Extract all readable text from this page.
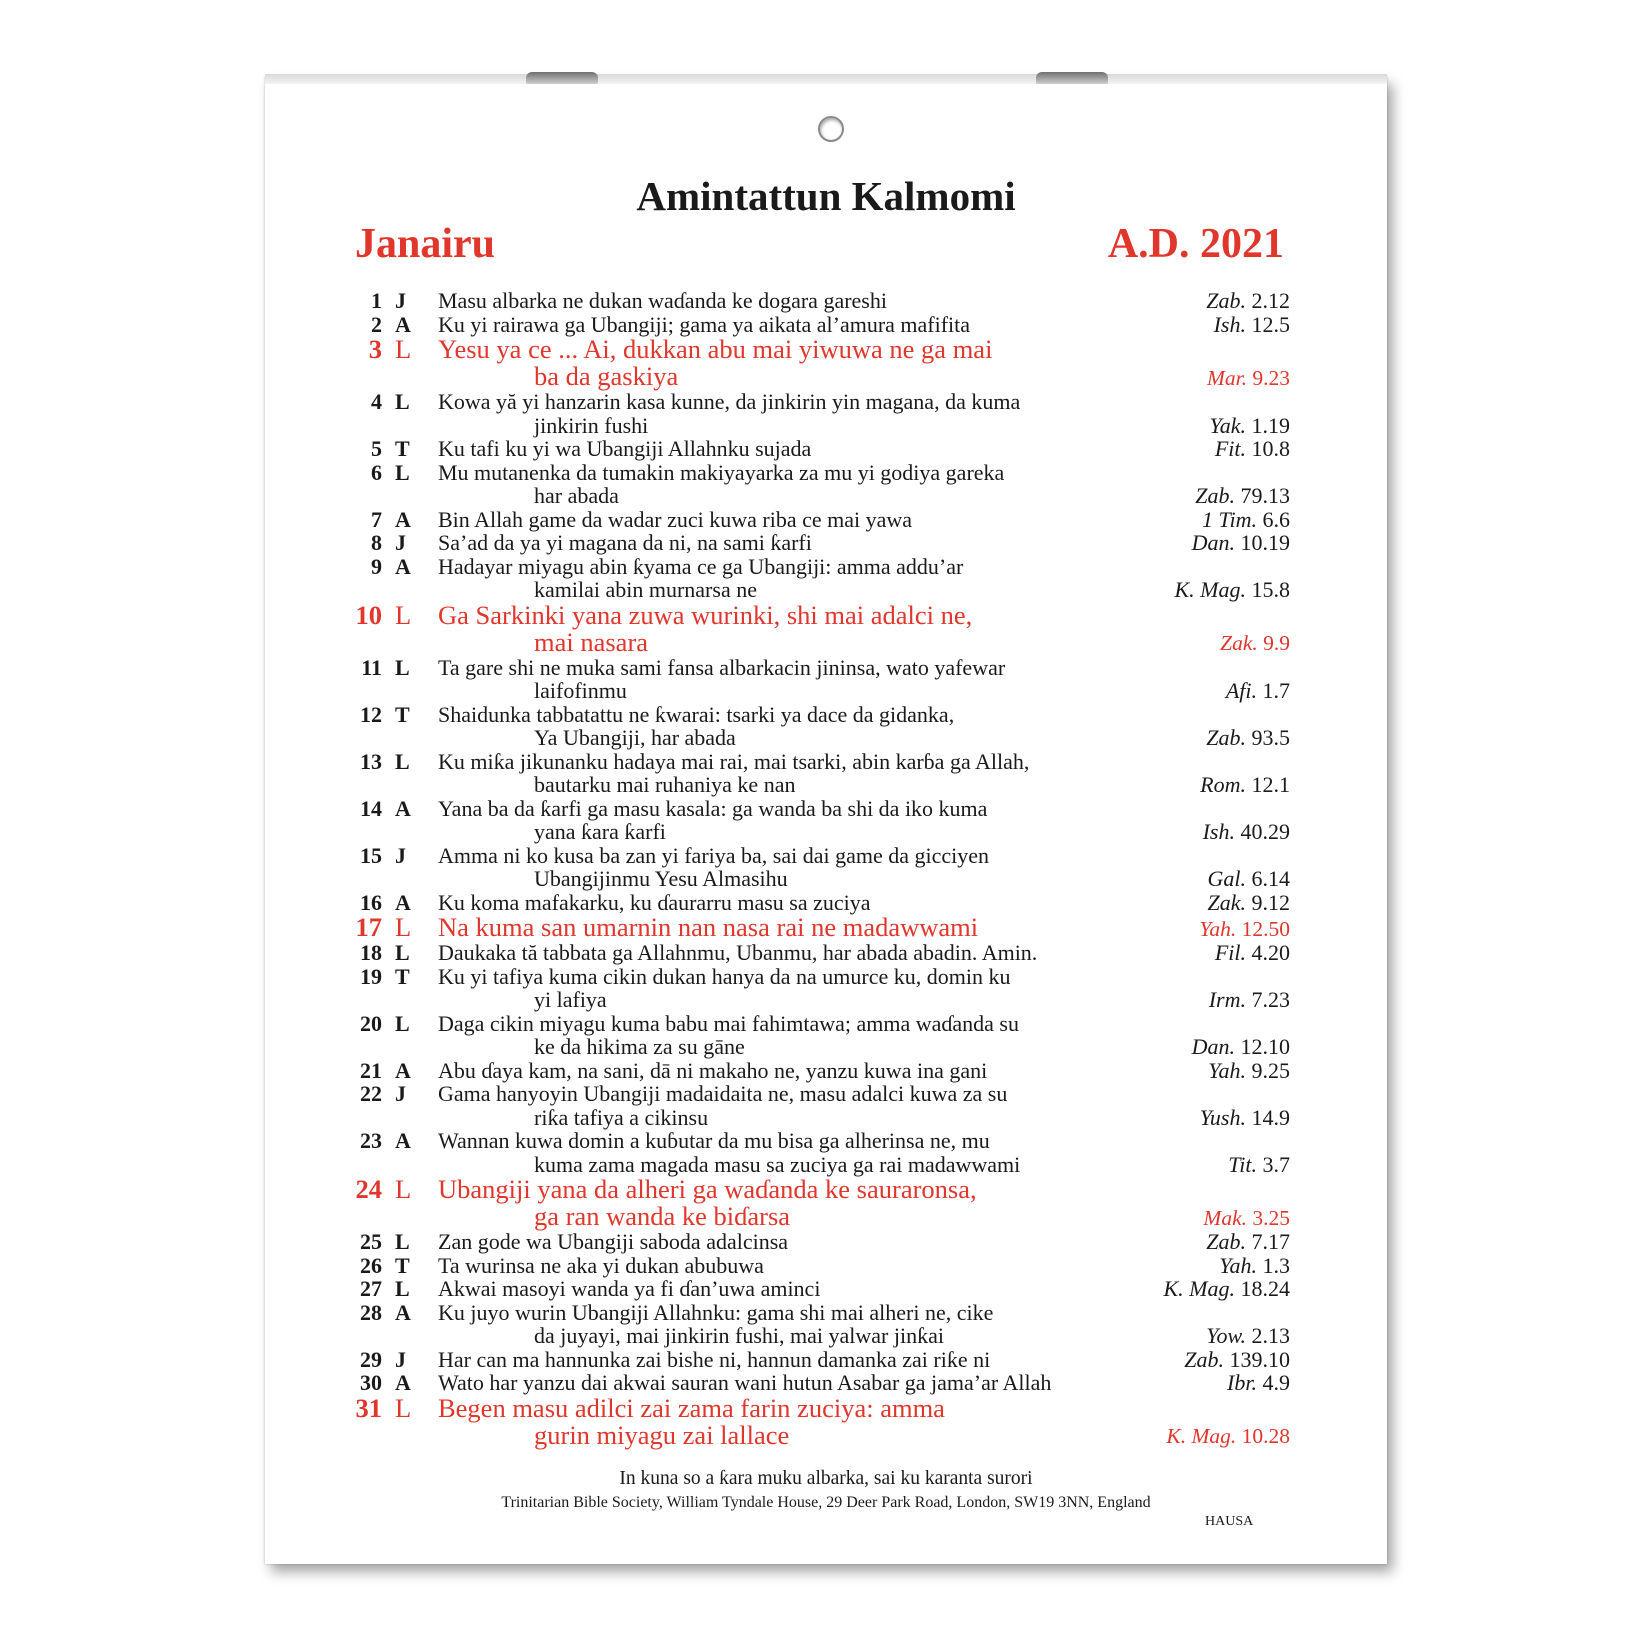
Amintattun Kalmomi
Janairu	A.D. 2021
1 J	Masu albarka ne dukan waɗanda ke dogara gareshi	Zab. 2.12
2 A	Ku yi rairawa ga Ubangiji; gama ya aikata al’amura mafifita	Ish. 12.5
3 L	Yesu ya ce ... Ai, dukkan abu mai yiwuwa ne ga mai
ba da gaskiya	Mar. 9.23
4 L	Kowa yă yi hanzarin kasa kunne, da jinkirin yin magana, da kuma
jinkirin fushi	Yak. 1.19
5 T	Ku tafi ku yi wa Ubangiji Allahnku sujada	Fit. 10.8
6 L	Mu mutanenka da tumakin makiyayarka za mu yi godiya gareka
har abada	Zab. 79.13
7 A	Bin Allah game da wadar zuci kuwa riba ce mai yawa	1 Tim. 6.6
8 J	Sa’ad da ya yi magana da ni, na sami ƙarfi	Dan. 10.19
9 A	Hadayar miyagu abin ƙyama ce ga Ubangiji: amma addu’ar
kamilai abin murnarsa ne	K. Mag. 15.8
10 L	Ga Sarkinki yana zuwa wurinki, shi mai adalci ne,
mai nasara	Zak. 9.9
11 L	Ta gare shi ne muka sami fansa albarkacin jininsa, wato yafewar
laifofinmu	Afi. 1.7
12 T	Shaidunka tabbatattu ne ƙwarai: tsarki ya dace da gidanka,
Ya Ubangiji, har abada	Zab. 93.5
13 L	Ku miƙa jikunanku hadaya mai rai, mai tsarki, abin karɓa ga Allah,
bautarku mai ruhaniya ke nan	Rom. 12.1
14 A	Yana ba da ƙarfi ga masu kasala: ga wanda ba shi da iko kuma
yana ƙara ƙarfi	Ish. 40.29
15 J	Amma ni ko kusa ba zan yi fariya ba, sai dai game da gicciyen
Ubangijinmu Yesu Almasihu	Gal. 6.14
16 A	Ku koma mafakarku, ku ɗaurarru masu sa zuciya	Zak. 9.12
17 L	Na kuma san umarnin nan nasa rai ne madawwami	Yah. 12.50
18 L	Daukaka tă tabbata ga Allahnmu, Ubanmu, har abada abadin. Amin.	Fil. 4.20
19 T	Ku yi tafiya kuma cikin dukan hanya da na umurce ku, domin ku
yi lafiya	Irm. 7.23
20 L	Daga cikin miyagu kuma babu mai fahimtawa; amma waɗanda su
ke da hikima za su gāne	Dan. 12.10
21 A	Abu ɗaya kam, na sani, dā ni makaho ne, yanzu kuwa ina gani	Yah. 9.25
22 J	Gama hanyoyin Ubangiji madaidaita ne, masu adalci kuwa za su
riƙa tafiya a cikinsu	Yush. 14.9
23 A	Wannan kuwa domin a kuɓutar da mu bisa ga alherinsa ne, mu
kuma zama magada masu sa zuciya ga rai madawwami	Tit. 3.7
24 L	Ubangiji yana da alheri ga waɗanda ke sauraronsa,
ga ran wanda ke biɗarsa	Mak. 3.25
25 L	Zan gode wa Ubangiji saboda adalcinsa	Zab. 7.17
26 T	Ta wurinsa ne aka yi dukan abubuwa	Yah. 1.3
27 L	Akwai masoyi wanda ya fi ɗan’uwa aminci	K. Mag. 18.24
28 A	Ku juyo wurin Ubangiji Allahnku: gama shi mai alheri ne, cike
da juyayi, mai jinkirin fushi, mai yalwar jinƙai	Yow. 2.13
29 J	Har can ma hannunka zai bishe ni, hannun damanka zai riƙe ni	Zab. 139.10
30 A	Wato har yanzu dai akwai sauran wani hutun Asabar ga jama’ar Allah	Ibr. 4.9
31 L	Begen masu adilci zai zama farin zuciya: amma
gurin miyagu zai lallace	K. Mag. 10.28
In kuna so a ƙara muku albarka, sai ku karanta surori
Trinitarian Bible Society, William Tyndale House, 29 Deer Park Road, London, SW19 3NN, England
HAUSA
